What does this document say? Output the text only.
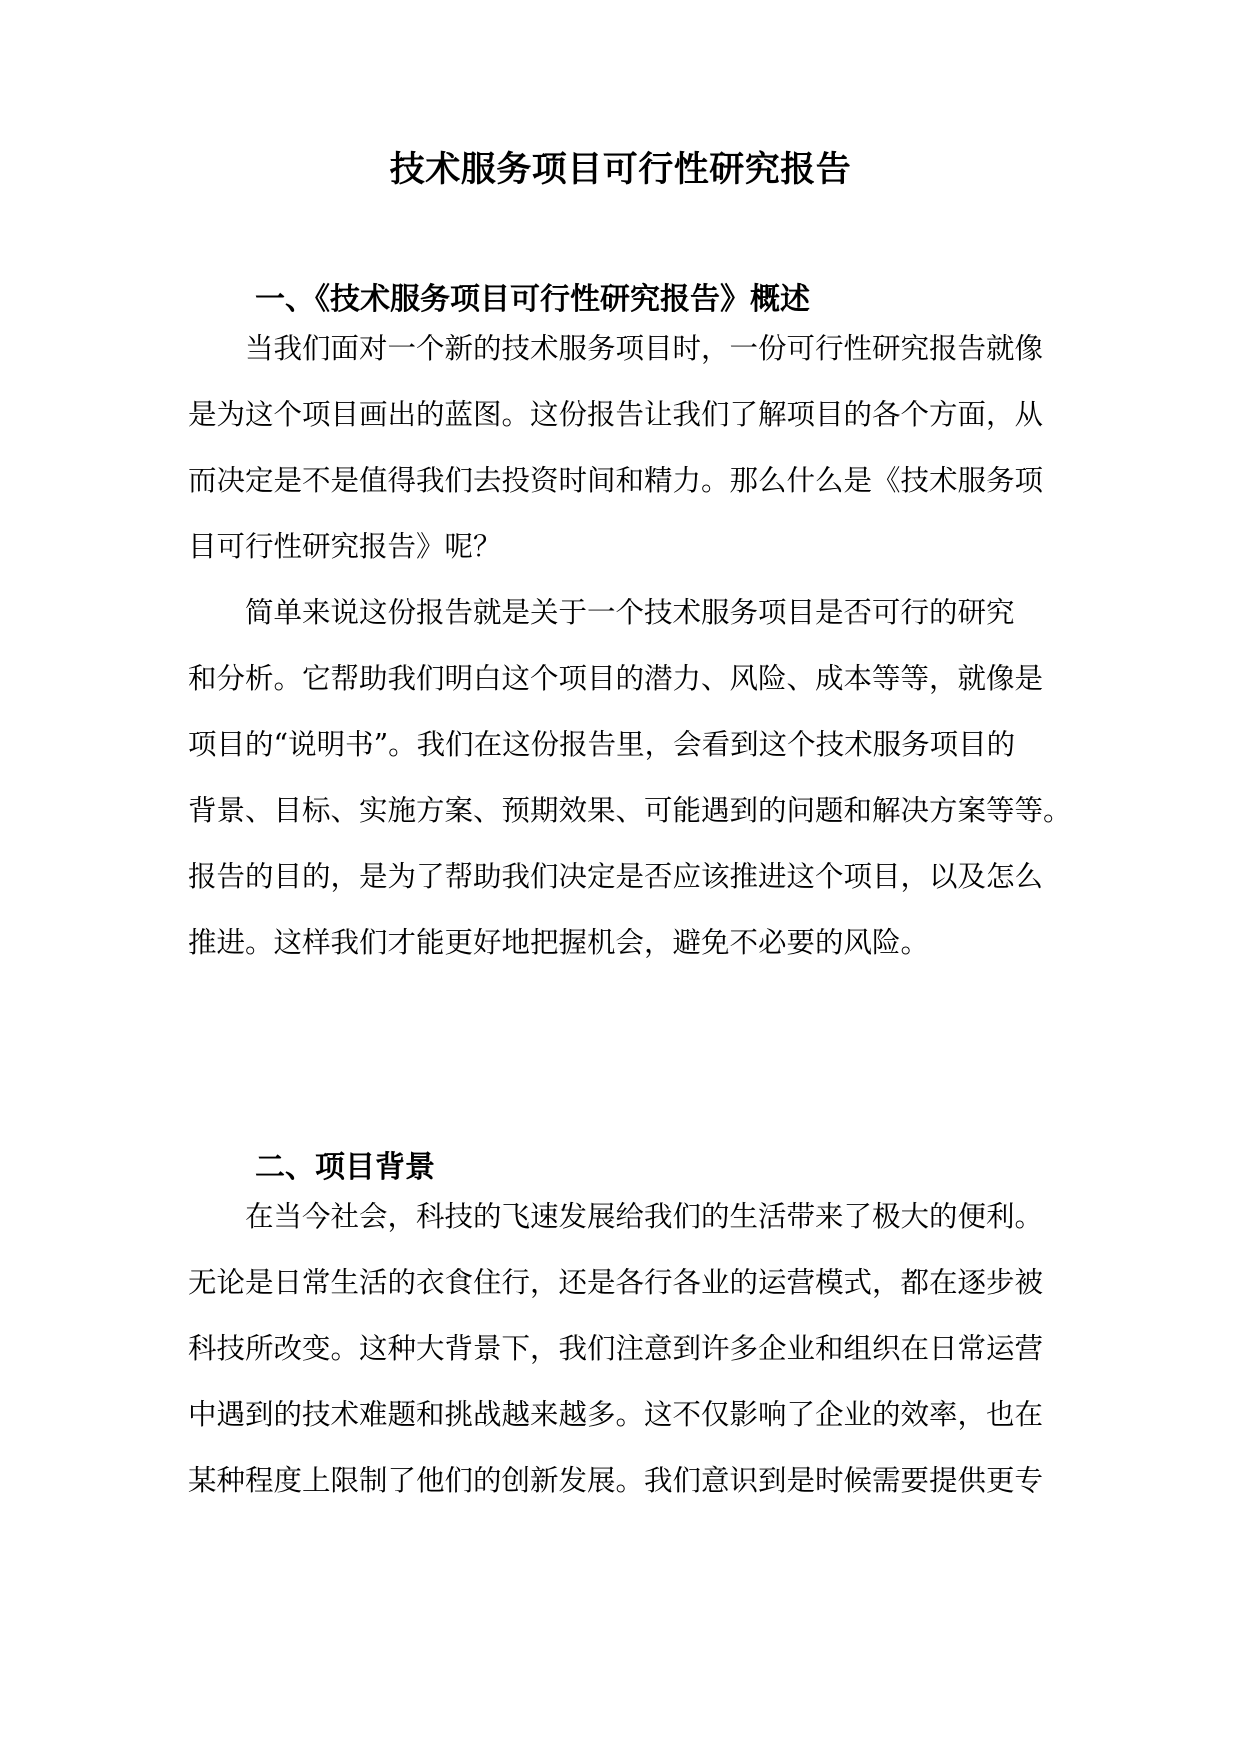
技术服务项目可行性研究报告
一、《技术服务项目可行性研究报告》概述
当我们面对一个新的技术服务项目时，一份可行性研究报告就像
是为这个项目画出的蓝图。这份报告让我们了解项目的各个方面，从
而决定是不是值得我们去投资时间和精力。那么什么是《技术服务项
目可行性研究报告》呢？
简单来说这份报告就是关于一个技术服务项目是否可行的研究
和分析。它帮助我们明白这个项目的潜力、风险、成本等等，就像是
项目的“说明书”。我们在这份报告里，会看到这个技术服务项目的
背景、目标、实施方案、预期效果、可能遇到的问题和解决方案等等。
报告的目的，是为了帮助我们决定是否应该推进这个项目，以及怎么
推进。这样我们才能更好地把握机会，避免不必要的风险。
二、项目背景
在当今社会，科技的飞速发展给我们的生活带来了极大的便利。
无论是日常生活的衣食住行，还是各行各业的运营模式，都在逐步被
科技所改变。这种大背景下，我们注意到许多企业和组织在日常运营
中遇到的技术难题和挑战越来越多。这不仅影响了企业的效率，也在
某种程度上限制了他们的创新发展。我们意识到是时候需要提供更专
